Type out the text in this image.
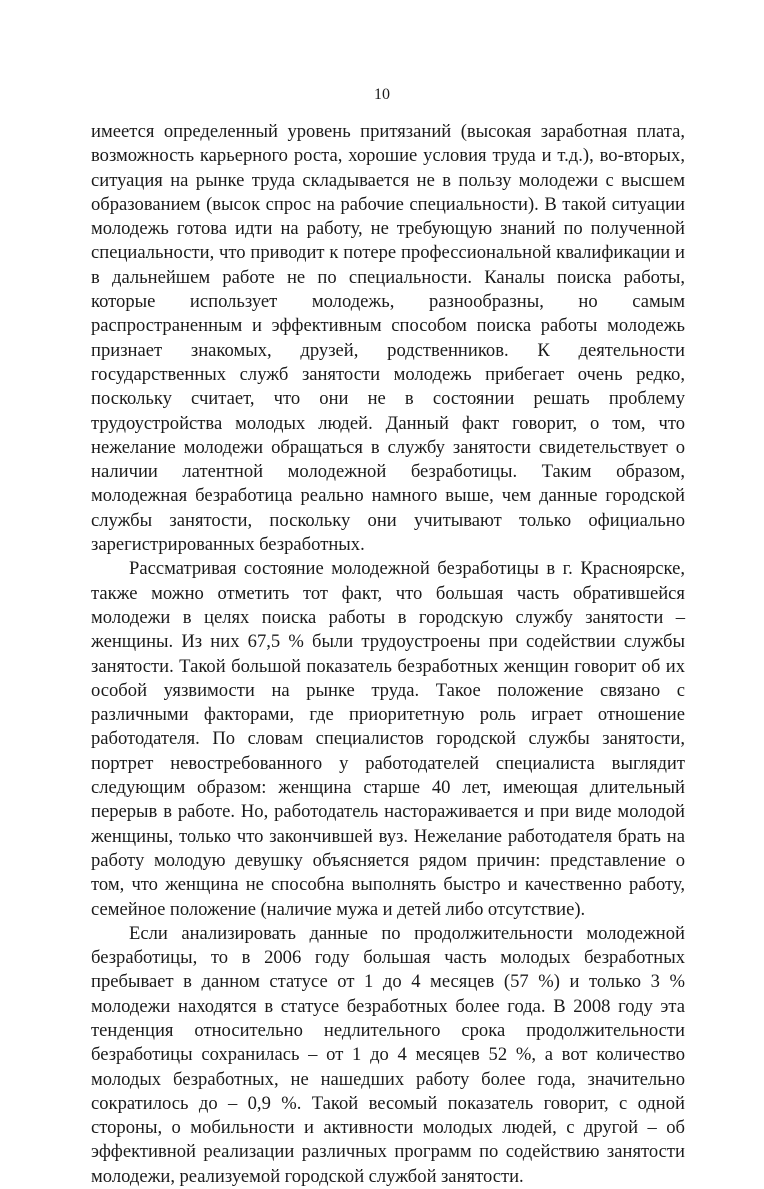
10

имеется определенный уровень притязаний (высокая заработная плата, возможность карьерного роста, хорошие условия труда и т.д.), во-вторых, ситуация на рынке труда складывается не в пользу молодежи с высшем образованием (высок спрос на рабочие специальности). В такой ситуации молодежь готова идти на работу, не требующую знаний по полученной специальности, что приводит к потере профессиональной квалификации и в дальнейшем работе не по специальности. Каналы поиска работы, которые использует молодежь, разнообразны, но самым распространенным и эффективным способом поиска работы молодежь признает знакомых, друзей, родственников. К деятельности государственных служб занятости молодежь прибегает очень редко, поскольку считает, что они не в состоянии решать проблему трудоустройства молодых людей. Данный факт говорит, о том, что нежелание молодежи обращаться в службу занятости свидетельствует о наличии латентной молодежной безработицы. Таким образом, молодежная безработица реально намного выше, чем данные городской службы занятости, поскольку они учитывают только официально зарегистрированных безработных.

Рассматривая состояние молодежной безработицы в г. Красноярске, также можно отметить тот факт, что большая часть обратившейся молодежи в целях поиска работы в городскую службу занятости – женщины. Из них 67,5 % были трудоустроены при содействии службы занятости. Такой большой показатель безработных женщин говорит об их особой уязвимости на рынке труда. Такое положение связано с различными факторами, где приоритетную роль играет отношение работодателя. По словам специалистов городской службы занятости, портрет невостребованного у работодателей специалиста выглядит следующим образом: женщина старше 40 лет, имеющая длительный перерыв в работе. Но, работодатель настораживается и при виде молодой женщины, только что закончившей вуз. Нежелание работодателя брать на работу молодую девушку объясняется рядом причин: представление о том, что женщина не способна выполнять быстро и качественно работу, семейное положение (наличие мужа и детей либо отсутствие).

Если анализировать данные по продолжительности молодежной безработицы, то в 2006 году большая часть молодых безработных пребывает в данном статусе от 1 до 4 месяцев (57 %) и только 3 % молодежи находятся в статусе безработных более года. В 2008 году эта тенденция относительно недлительного срока продолжительности безработицы сохранилась – от 1 до 4 месяцев 52 %, а вот количество молодых безработных, не нашедших работу более года, значительно сократилось до – 0,9 %. Такой весомый показатель говорит, с одной стороны, о мобильности и активности молодых людей, с другой – об эффективной реализации различных программ по содействию занятости молодежи, реализуемой городской службой занятости.
